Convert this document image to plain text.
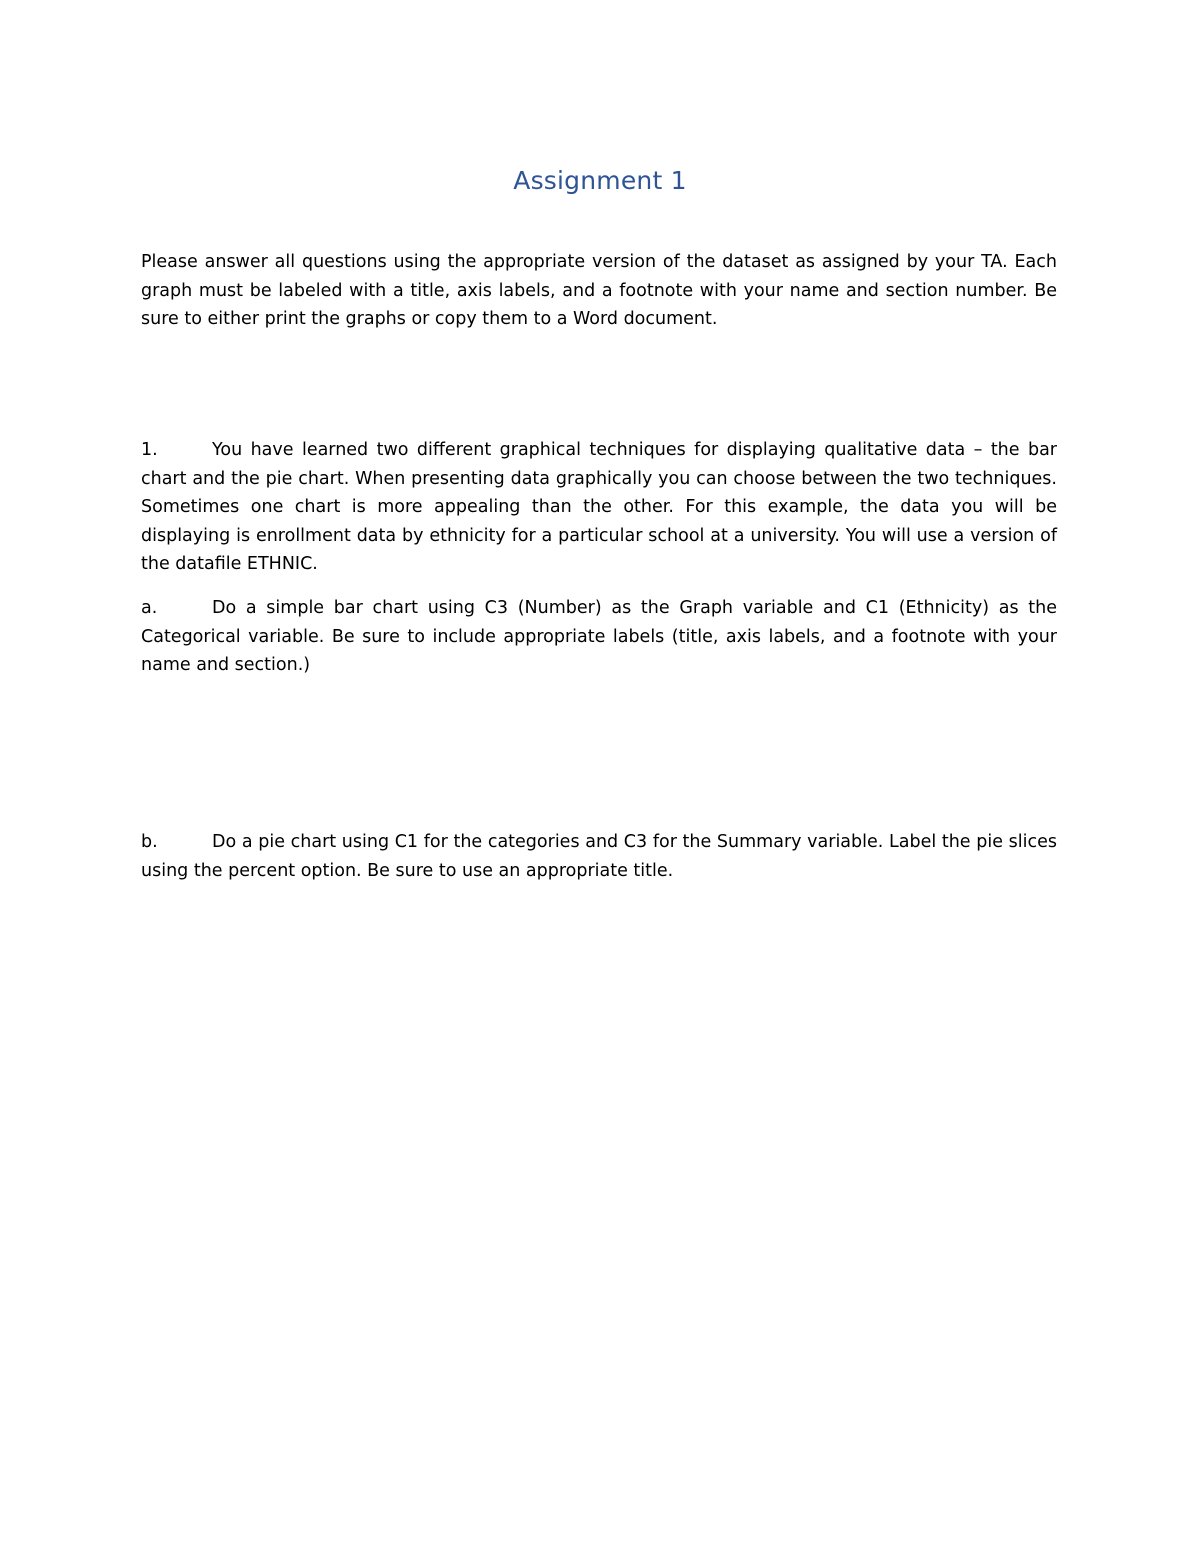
Assignment 1

Please answer all questions using the appropriate version of the dataset as assigned by your TA. Each graph must be labeled with a title, axis labels, and a footnote with your name and section number. Be sure to either print the graphs or copy them to a Word document.

1.	You have learned two different graphical techniques for displaying qualitative data – the bar chart and the pie chart. When presenting data graphically you can choose between the two techniques. Sometimes one chart is more appealing than the other. For this example, the data you will be displaying is enrollment data by ethnicity for a particular school at a university. You will use a version of the datafile ETHNIC.

a.	Do a simple bar chart using C3 (Number) as the Graph variable and C1 (Ethnicity) as the Categorical variable. Be sure to include appropriate labels (title, axis labels, and a footnote with your name and section.)

b.	Do a pie chart using C1 for the categories and C3 for the Summary variable. Label the pie slices using the percent option. Be sure to use an appropriate title.
